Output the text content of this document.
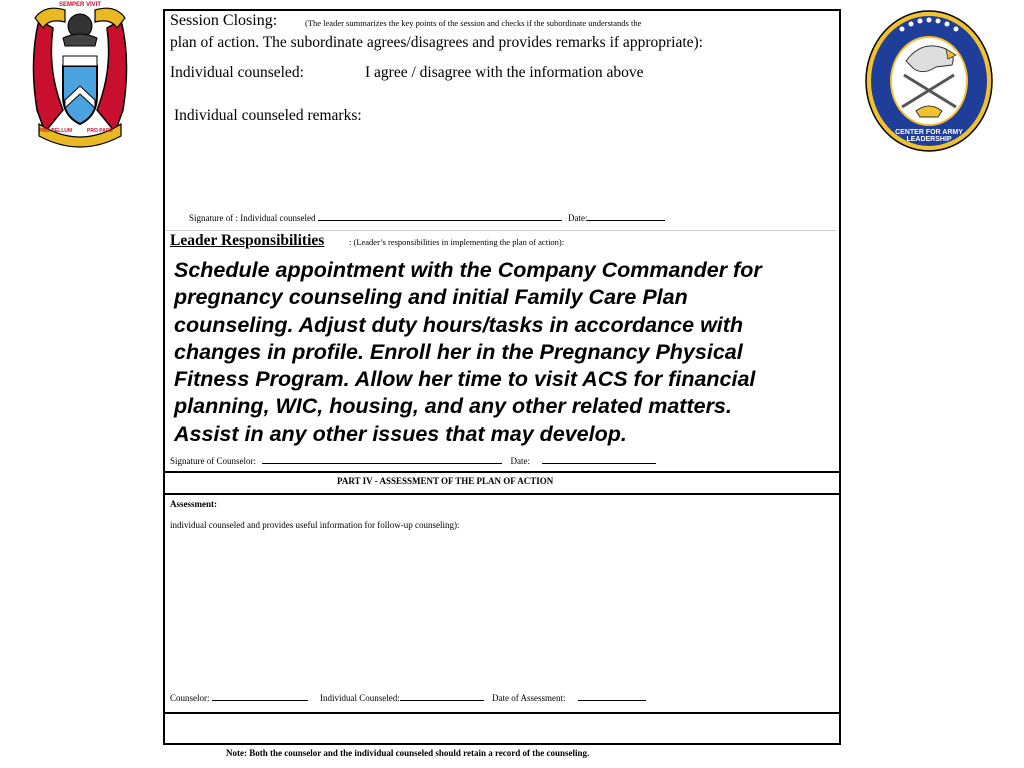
SEMPER VIVIT
PRO BELLUM	PRO PACE	CENTER FOR ARMY LEADERSHIP
Session Closing:	(The leader summarizes the key points of the session and checks if the subordinate understands the
plan of action. The subordinate agrees/disagrees and provides remarks if appropriate):
Individual counseled:	I agree / disagree with the information above
Individual counseled remarks:
Signature of : Individual counseled	Date:
Leader Responsibilities	: (Leader’s responsibilities in implementing the plan of action):
Schedule appointment with the Company Commander for
pregnancy counseling and initial Family Care Plan
counseling. Adjust duty hours/tasks in accordance with
changes in profile. Enroll her in the Pregnancy Physical
Fitness Program. Allow her time to visit ACS for financial
planning, WIC, housing, and any other related matters.
Assist in any other issues that may develop.
Signature of Counselor:	Date:
PART IV - ASSESSMENT OF THE PLAN OF ACTION
Assessment:
individual counseled and provides useful information for follow-up counseling):
Counselor:	Individual Counseled:	Date of Assessment:
Note: Both the counselor and the individual counseled should retain a record of the counseling.
